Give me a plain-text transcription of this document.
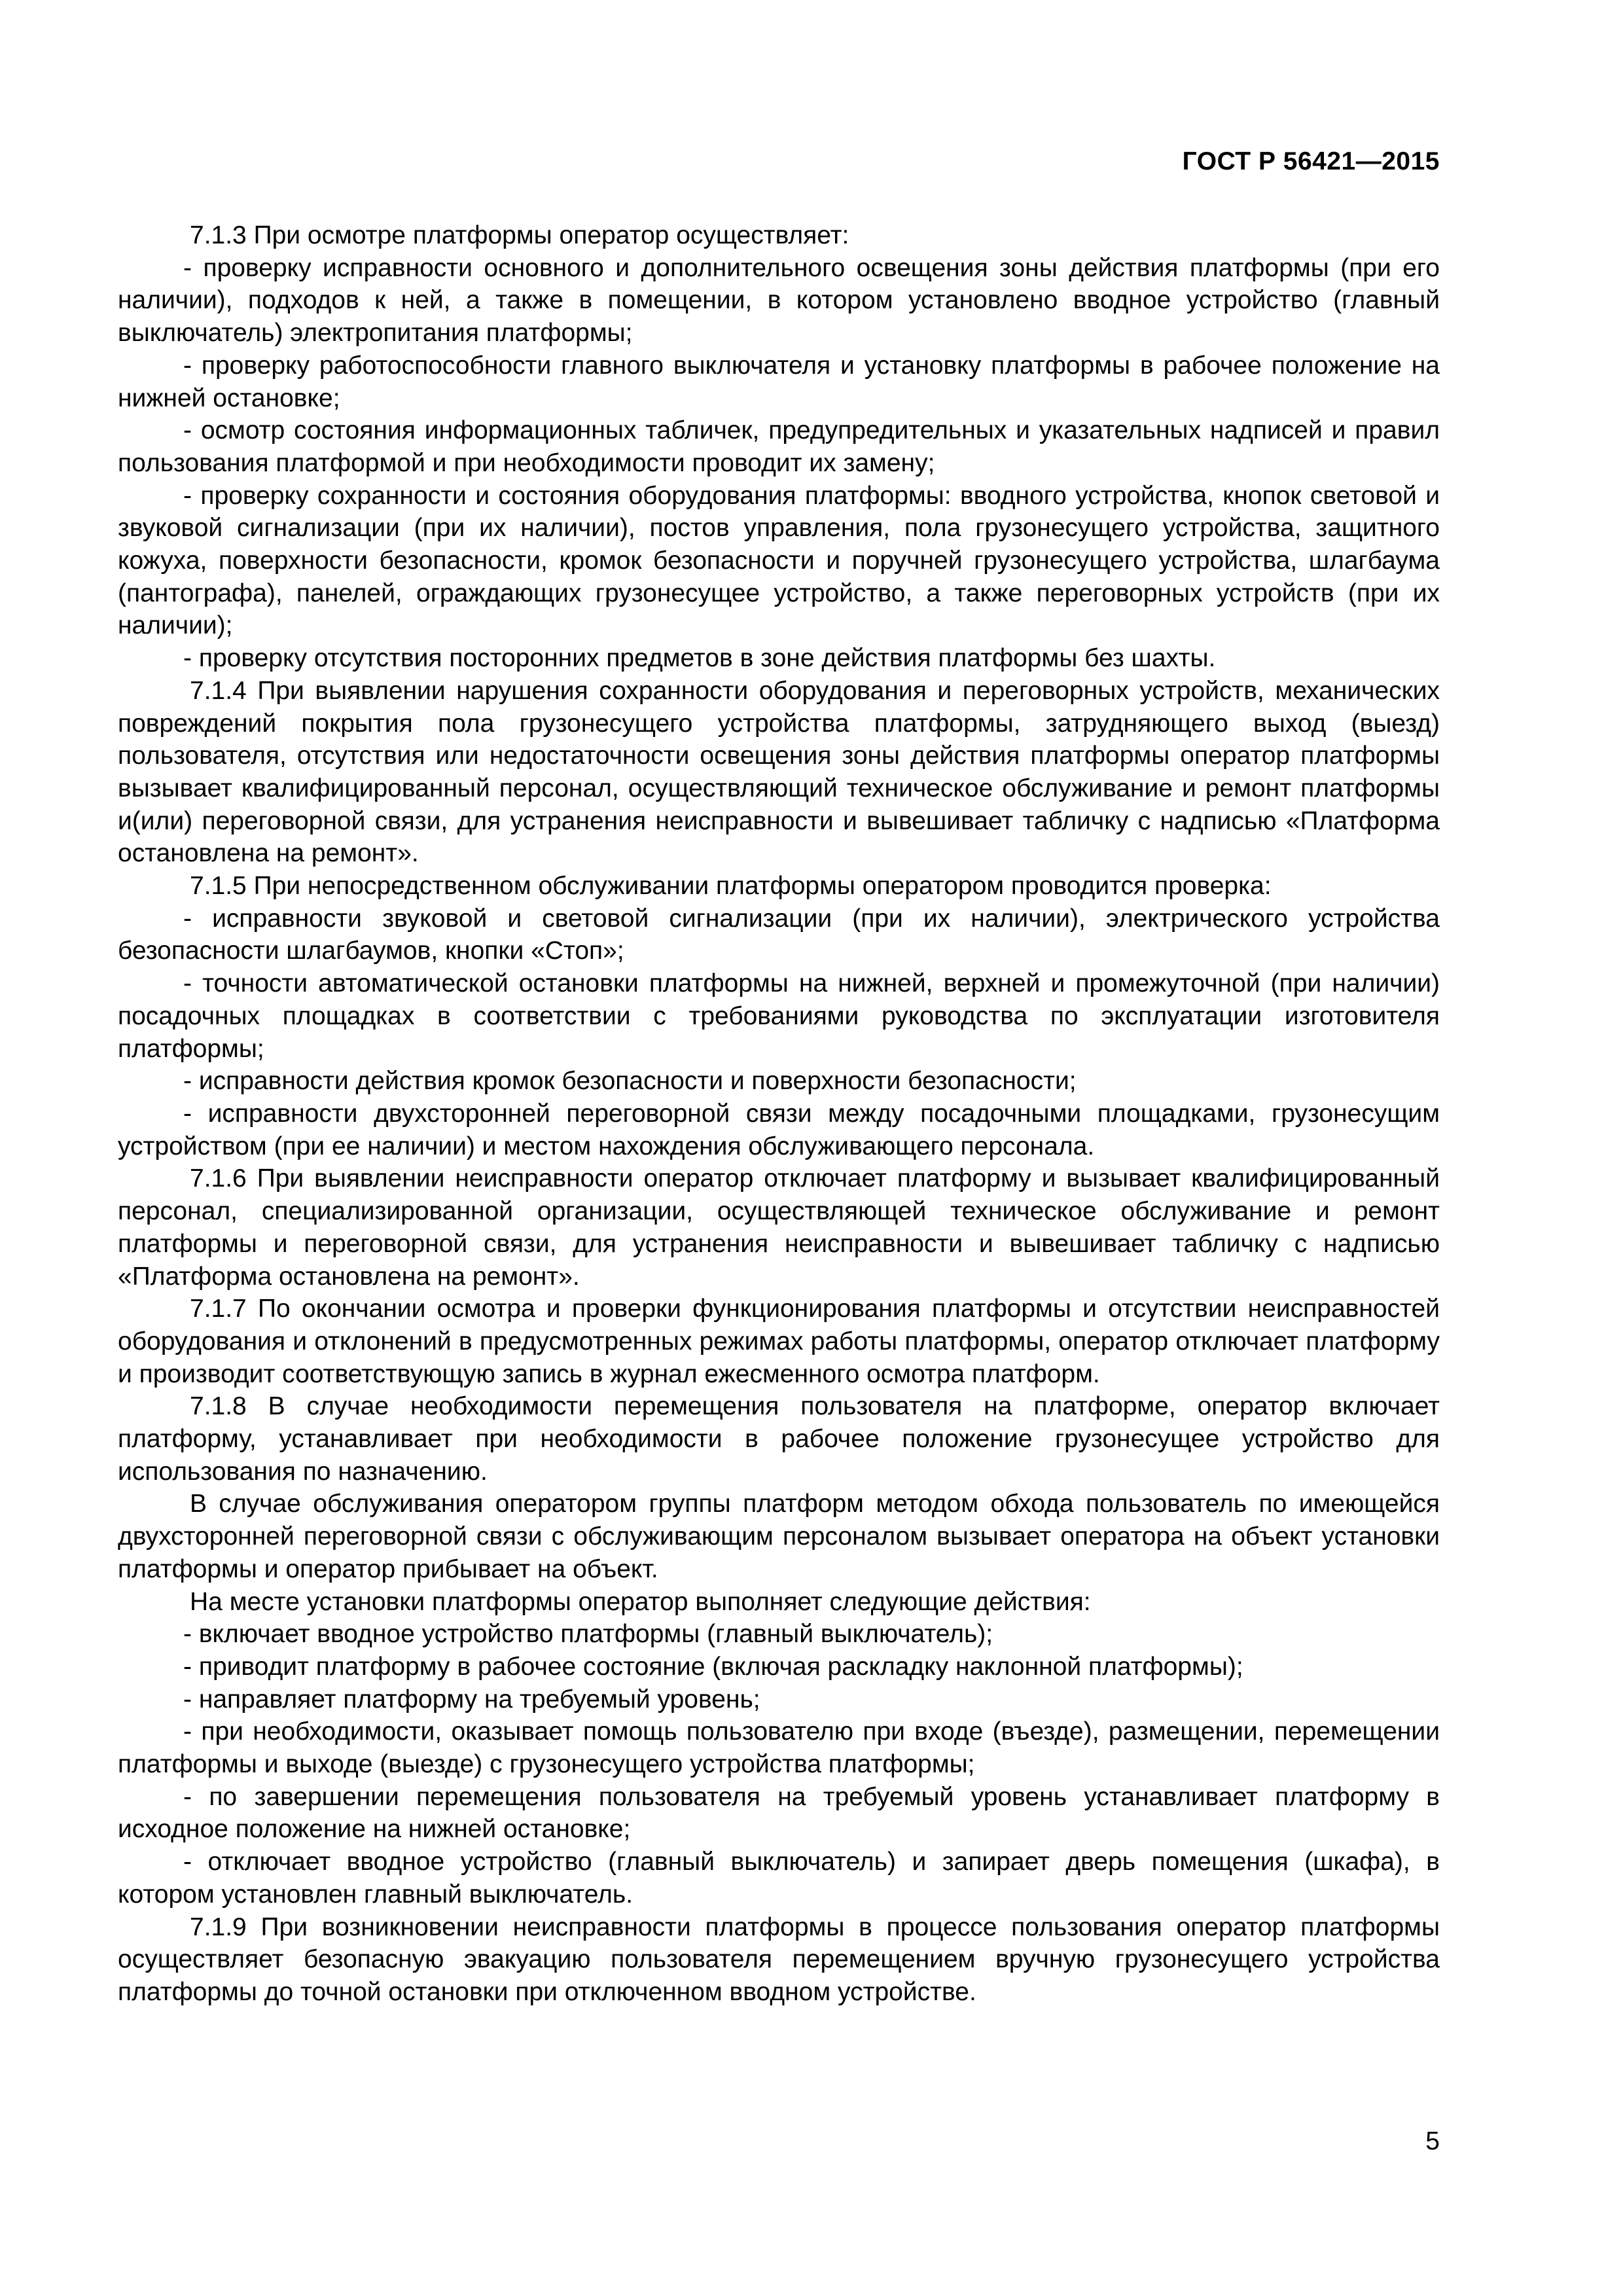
ГОСТ Р 56421—2015

7.1.3 При осмотре платформы оператор осуществляет:

- проверку исправности основного и дополнительного освещения зоны действия платформы (при его наличии), подходов к ней, а также в помещении, в котором установлено вводное устройство (главный выключатель) электропитания платформы;

- проверку работоспособности главного выключателя и установку платформы в рабочее положение на нижней остановке;

- осмотр состояния информационных табличек, предупредительных и указательных надписей и правил пользования платформой и при необходимости проводит их замену;

- проверку сохранности и состояния оборудования платформы: вводного устройства, кнопок световой и звуковой сигнализации (при их наличии), постов управления, пола грузонесущего устройства, защитного кожуха, поверхности безопасности, кромок безопасности и поручней грузонесущего устройства, шлагбаума (пантографа), панелей, ограждающих грузонесущее устройство, а также переговорных устройств (при их наличии);

- проверку отсутствия посторонних предметов в зоне действия платформы без шахты.

7.1.4 При выявлении нарушения сохранности оборудования и переговорных устройств, механических повреждений покрытия пола грузонесущего устройства платформы, затрудняющего выход (выезд) пользователя, отсутствия или недостаточности освещения зоны действия платформы оператор платформы вызывает квалифицированный персонал, осуществляющий техническое обслуживание и ремонт платформы и(или) переговорной связи, для устранения неисправности и вывешивает табличку с надписью «Платформа остановлена на ремонт».

7.1.5 При непосредственном обслуживании платформы оператором проводится проверка:

- исправности звуковой и световой сигнализации (при их наличии), электрического устройства безопасности шлагбаумов, кнопки «Стоп»;

- точности автоматической остановки платформы на нижней, верхней и промежуточной (при наличии) посадочных площадках в соответствии с требованиями руководства по эксплуатации изготовителя платформы;

- исправности действия кромок безопасности и поверхности безопасности;

- исправности двухсторонней переговорной связи между посадочными площадками, грузонесущим устройством (при ее наличии) и местом нахождения обслуживающего персонала.

7.1.6 При выявлении неисправности оператор отключает платформу и вызывает квалифицированный персонал, специализированной организации, осуществляющей техническое обслуживание и ремонт платформы и переговорной связи, для устранения неисправности и вывешивает табличку с надписью «Платформа остановлена на ремонт».

7.1.7 По окончании осмотра и проверки функционирования платформы и отсутствии неисправностей оборудования и отклонений в предусмотренных режимах работы платформы, оператор отключает платформу и производит соответствующую запись в журнал ежесменного осмотра платформ.

7.1.8 В случае необходимости перемещения пользователя на платформе, оператор включает платформу, устанавливает при необходимости в рабочее положение грузонесущее устройство для использования по назначению.

В случае обслуживания оператором группы платформ методом обхода пользователь по имеющейся двухсторонней переговорной связи с обслуживающим персоналом вызывает оператора на объект установки платформы и оператор прибывает на объект.

На месте установки платформы оператор выполняет следующие действия:

- включает вводное устройство платформы (главный выключатель);

- приводит платформу в рабочее состояние (включая раскладку наклонной платформы);

- направляет платформу на требуемый уровень;

- при необходимости, оказывает помощь пользователю при входе (въезде), размещении, перемещении платформы и выходе (выезде) с грузонесущего устройства платформы;

- по завершении перемещения пользователя на требуемый уровень устанавливает платформу в исходное положение на нижней остановке;

- отключает вводное устройство (главный выключатель) и запирает дверь помещения (шкафа), в котором установлен главный выключатель.

7.1.9 При возникновении неисправности платформы в процессе пользования оператор платформы осуществляет безопасную эвакуацию пользователя перемещением вручную грузонесущего устройства платформы до точной остановки при отключенном вводном устройстве.

5
